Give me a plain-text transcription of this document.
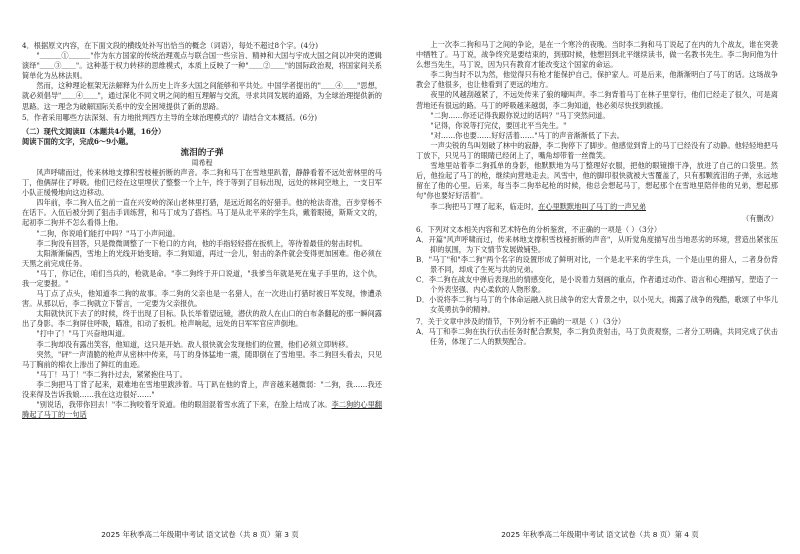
4．根据原文内容，在下面文段的横线处补写出恰当的概念（词语），每处不超过8个字。(4分)

"＿＿＿①＿＿＿"作为东方国家的传统治理观点与联合国一些宗旨、精神和大国与宇成大国之间以冲突的逻辑演绎"＿＿③＿＿"。这种基于权力转移的思维模式，本质上反映了一种"＿＿②＿＿"的国际政治观，将国家间关系简单化为丛林法则。

然而，这种理论框架无法解释为什么历史上许多大国之间能够和平共处。中国学者提出的"＿＿④＿＿"思想，就必须倡导"＿＿④＿＿"，通过深化不同文明之间的相互理解与交流，寻求共同发展的道路，为全球治理提供新的思路。这一理念为破解国际关系中的安全困境提供了新的思路。

5．作者采用哪些方法深刻、有力地批判西方主导的全球治理模式的？请结合文本概括。(6分)

（二）现代文阅读Ⅱ（本题共4小题，16分）

阅读下面的文字，完成6～9小题。

流泪的子弹

周希程

风声呼啸而过，传来林地支撑积雪枝桠折断的声音。李二狗和马丁在雪地里趴着，静静看着不远处密林里的马丁，他俩屏住了呼吸。他们已经在这里埋伏了整整一个上午，终于等到了目标出现，远处的林间空地上，一支日军小队正缓慢地向这边移动。

四年前，李二狗入伍之前一直在兴安岭的深山老林里打猎，是远近闻名的好猎手。他的枪法奇准，百步穿杨不在话下。入伍后被分到了狙击手训练营，和马丁成为了搭档。马丁是从北平来的学生兵，戴着眼镜，斯斯文文的，起初李二狗并不怎么看得上他。

"二狗，你说咱们能打中吗？"马丁小声问道。

李二狗没有回答，只是微微调整了一下枪口的方向，他的手指轻轻搭在扳机上，等待着最佳的射击时机。

太阳渐渐偏西，雪地上的光线开始变暗。李二狗知道，再过一会儿，射击的条件就会变得更加困难。他必须在天黑之前完成任务。

"马丁，你记住，咱们当兵的，枪就是命。"李二狗终于开口说道，"我爹当年就是死在鬼子手里的，这个仇，我一定要报。"

马丁点了点头，他知道李二狗的故事。李二狗的父亲也是一名猎人，在一次进山打猎时被日军发现，惨遭杀害。从那以后，李二狗就立下誓言，一定要为父亲报仇。

太阳就快沉下去了的时候，终于出现了目标。队长举着望远镜，潜伏的敌人在山口的白布条翻起的那一瞬间露出了身影。李二狗屏住呼吸，瞄准，扣动了扳机。枪声响起，远处的日军军官应声倒地。

"打中了！"马丁兴奋地叫道。

李二狗却没有露出笑容，他知道，这只是开始。敌人很快就会发现他们的位置，他们必须立即转移。

突然，"砰"一声清脆的枪声从密林中传来，马丁的身体猛地一震，随即倒在了雪地里。李二狗回头看去，只见马丁胸前的棉衣上渗出了鲜红的血迹。

"马丁！马丁！"李二狗扑过去，紧紧抱住马丁。

李二狗把马丁背了起来，艰难地在雪地里跋涉着。马丁趴在他的背上，声音越来越微弱："二狗，我……我还没来得及告诉我娘……我在这边很好……"

"别说话，我带你回去！"李二狗咬着牙说道。他的眼泪混着雪水流了下来，在脸上结成了冰。李二狗的心里翻腾起了马丁的一句话

2025 年秋季高二年级期中考试 语文试卷（共 8 页）第 3 页

上一次李二狗和马丁之间的争论，是在一个寒冷的夜晚。当时李二狗和马丁说起了在内的九个战友，谁在突袭中牺牲了。马丁说，战争终究是要结束的，到那时候，他想回到北平继续读书，做一名教书先生。李二狗问他为什么想当先生，马丁说，因为只有教育才能改变这个国家的命运。

李二狗当时不以为然，他觉得只有枪才能保护自己，保护家人。可是后来，他渐渐明白了马丁的话。这场战争教会了他很多，也让他看到了更远的地方。

夜里的风越刮越紧了，不远处传来了狼的嚎叫声。李二狗背着马丁在林子里穿行，他们已经走了很久，可是离营地还有很远的路。马丁的呼吸越来越弱，李二狗知道，他必须尽快找到救援。

"二狗……你还记得我跟你说过的话吗？"马丁突然问道。

"记得，你说等打完仗，要回北平当先生。"

"对……你也要……好好活着……"马丁的声音渐渐低了下去。

一声尖锐的鸟叫划破了林中的寂静，李二狗停下了脚步。他感觉到背上的马丁已经没有了动静。他轻轻地把马丁放下，只见马丁的眼睛已经闭上了，嘴角却带着一丝微笑。

雪地里站着李二狗孤单的身影，他默默地为马丁整理好衣服，把他的眼镜擦干净，放进了自己的口袋里。然后，他捡起了马丁的枪，继续向营地走去。风雪中，他的脚印很快就被大雪覆盖了，只有那颗流泪的子弹，永远地留在了他的心里。后来，每当李二狗举起枪的时候，他总会想起马丁，想起那个在雪地里陪伴他的兄弟，想起那句"你也要好好活着"。

李二狗把马丁埋了起来，临走时，在心里默默地叫了马丁的一声兄弟

（有删改）

6．下列对文本相关内容和艺术特色的分析鉴赏，不正确的一项是（ ）（3分）

A．开篇"风声呼啸而过，传来林地支撑积雪枝桠折断的声音"，从听觉角度描写出当地恶劣的环境，营造出紧张压抑的氛围，为下文情节发展做铺垫。

B．"马丁"和"李二狗"两个名字的设置形成了鲜明对比，一个是北平来的学生兵，一个是山里的猎人，二者身份背景不同，却成了生死与共的兄弟。

C．李二狗在战友中弹后表现出的情感变化，是小说着力刻画的重点，作者通过动作、语言和心理描写，塑造了一个外表坚强、内心柔软的人物形象。

D．小说将李二狗与马丁的个体命运融入抗日战争的宏大背景之中，以小见大，揭露了战争的残酷，歌颂了中华儿女英勇抗争的精神。

7．关于文章中涉及的情节，下列分析不正确的一项是（ ）（3分）

A．马丁和李二狗在执行伏击任务时配合默契，李二狗负责射击，马丁负责观察，二者分工明确，共同完成了伏击任务，体现了二人的默契配合。

2025 年秋季高二年级期中考试 语文试卷（共 8 页）第 4 页
